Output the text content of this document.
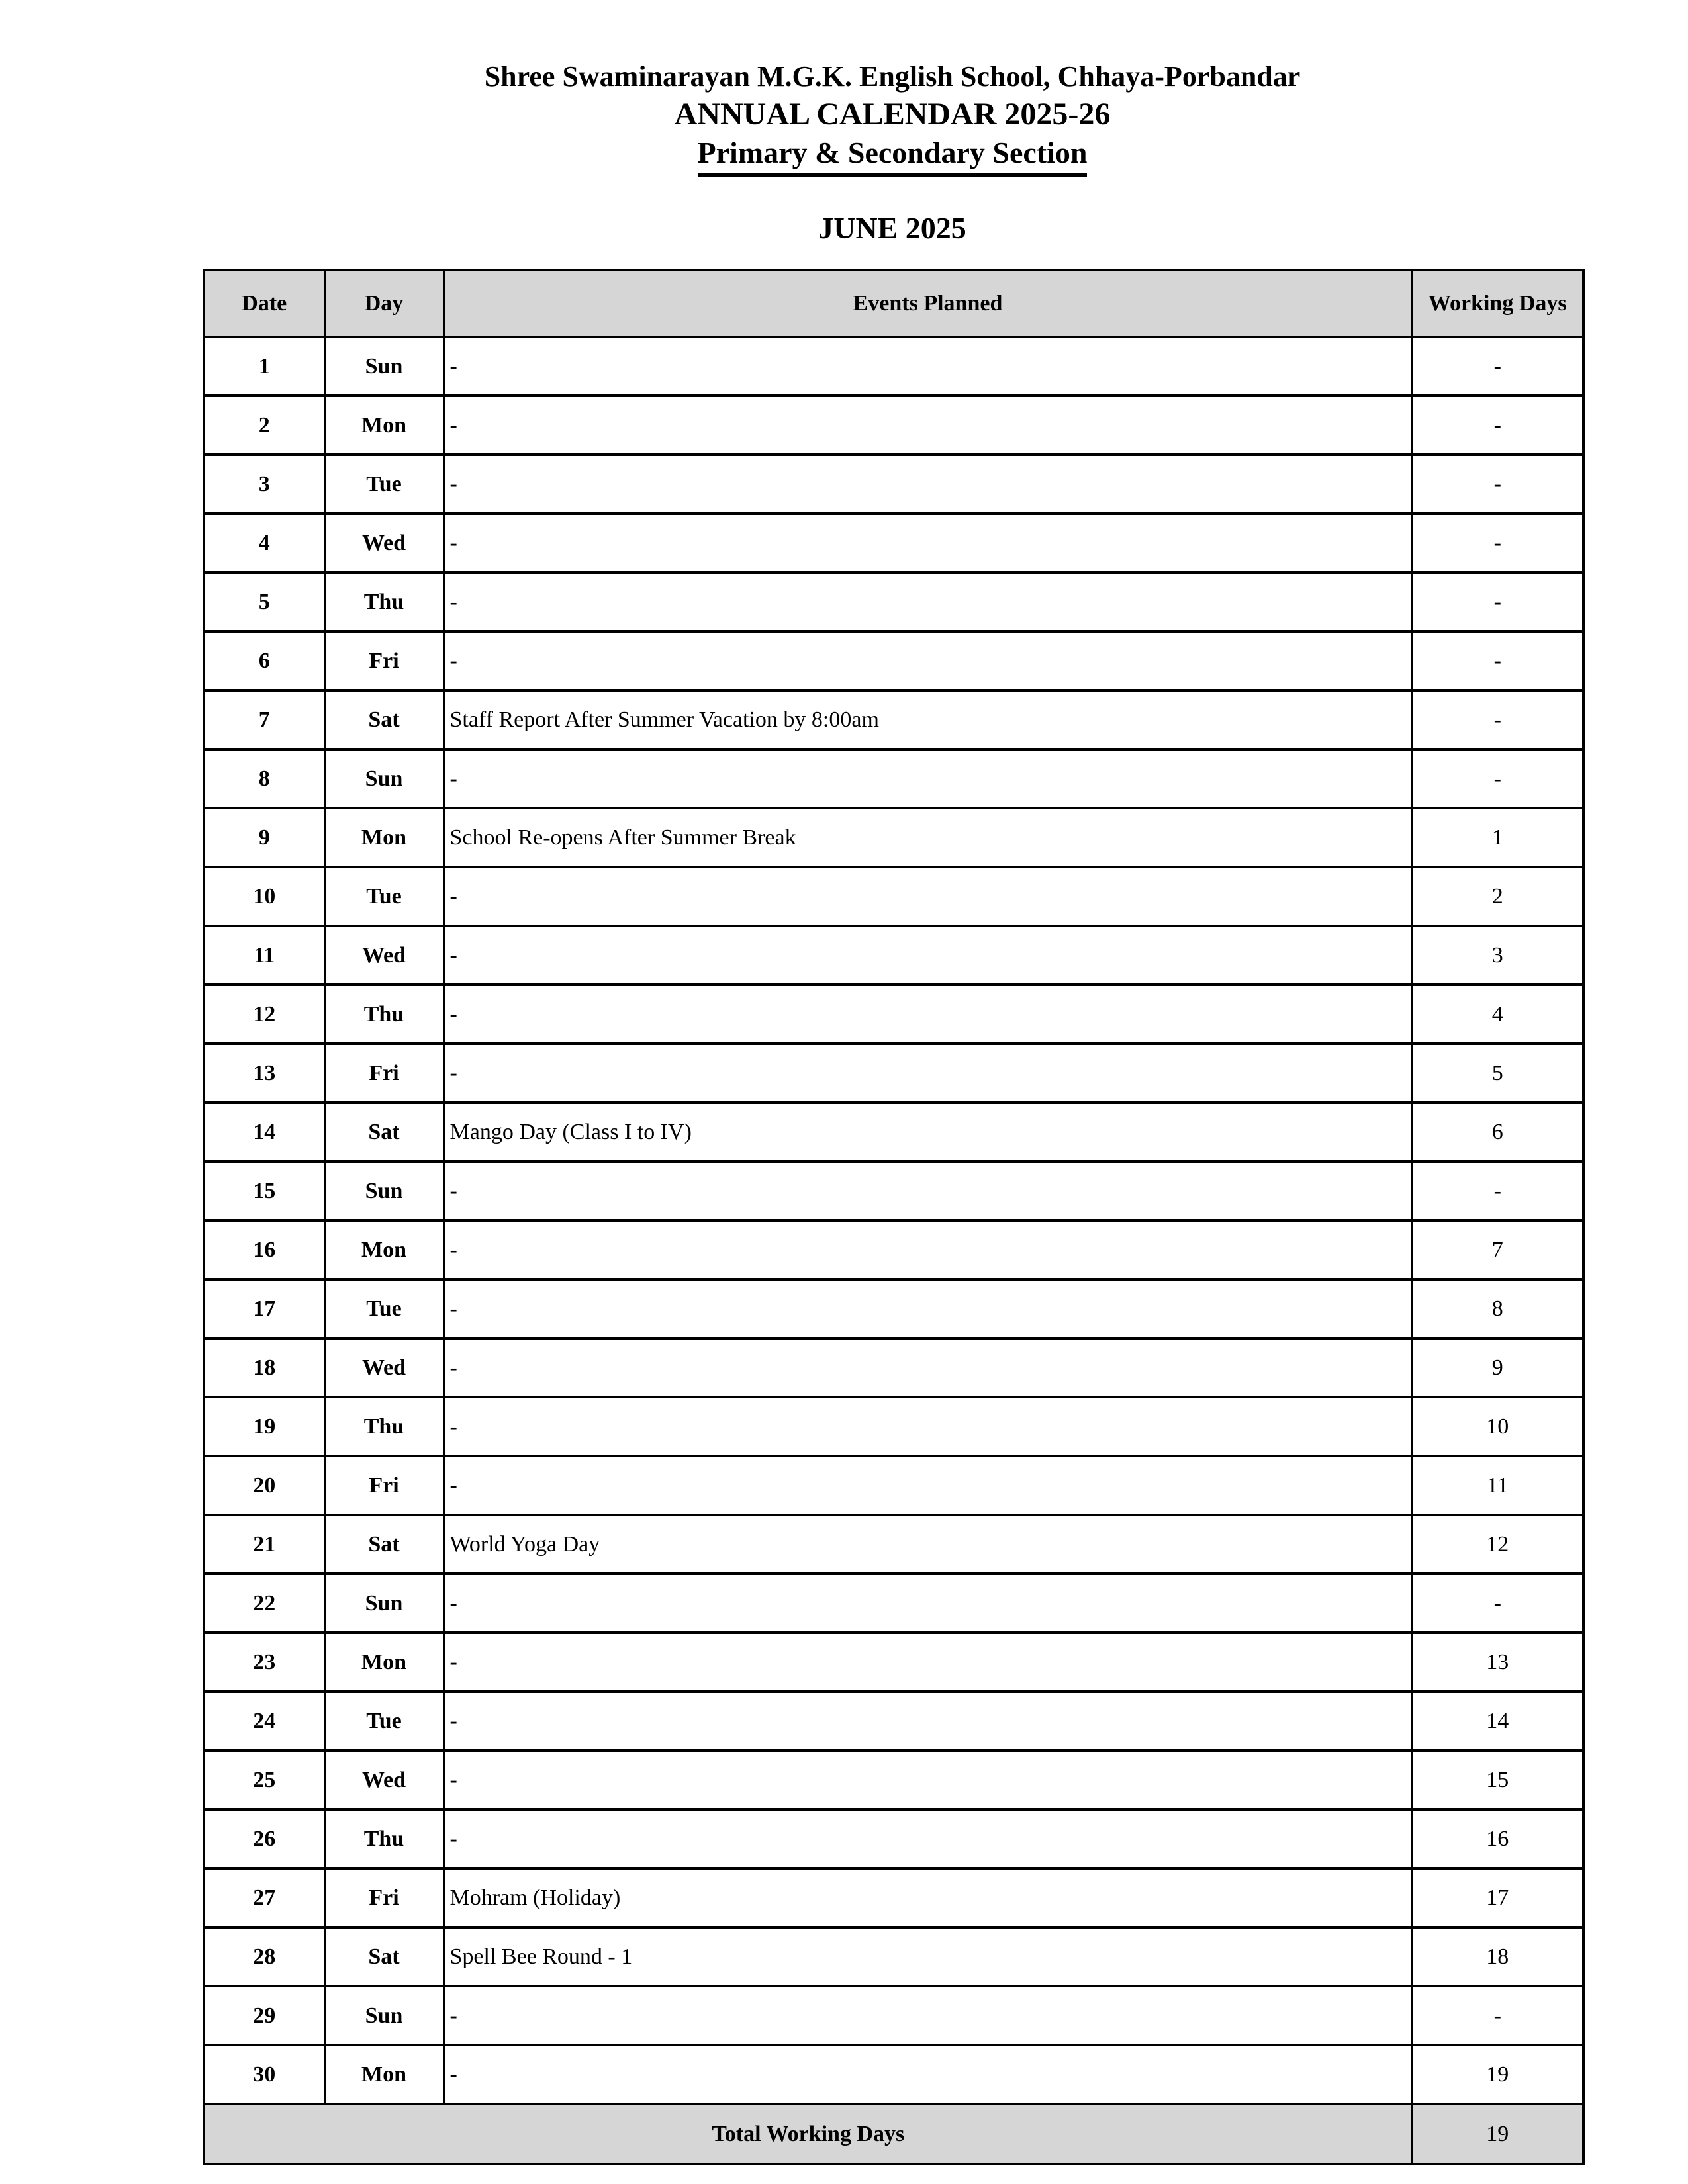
Shree Swaminarayan M.G.K. English School, Chhaya-Porbandar
ANNUAL CALENDAR 2025-26
Primary & Secondary Section
JUNE 2025
Date	Day	Events Planned	Working Days
1	Sun	-	-
2	Mon	-	-
3	Tue	-	-
4	Wed	-	-
5	Thu	-	-
6	Fri	-	-
7	Sat	Staff Report After Summer Vacation by 8:00am	-
8	Sun	-	-
9	Mon	School Re-opens After Summer Break	1
10	Tue	-	2
11	Wed	-	3
12	Thu	-	4
13	Fri	-	5
14	Sat	Mango Day (Class I to IV)	6
15	Sun	-	-
16	Mon	-	7
17	Tue	-	8
18	Wed	-	9
19	Thu	-	10
20	Fri	-	11
21	Sat	World Yoga Day	12
22	Sun	-	-
23	Mon	-	13
24	Tue	-	14
25	Wed	-	15
26	Thu	-	16
27	Fri	Mohram (Holiday)	17
28	Sat	Spell Bee Round - 1	18
29	Sun	-	-
30	Mon	-	19
Total Working Days			19
